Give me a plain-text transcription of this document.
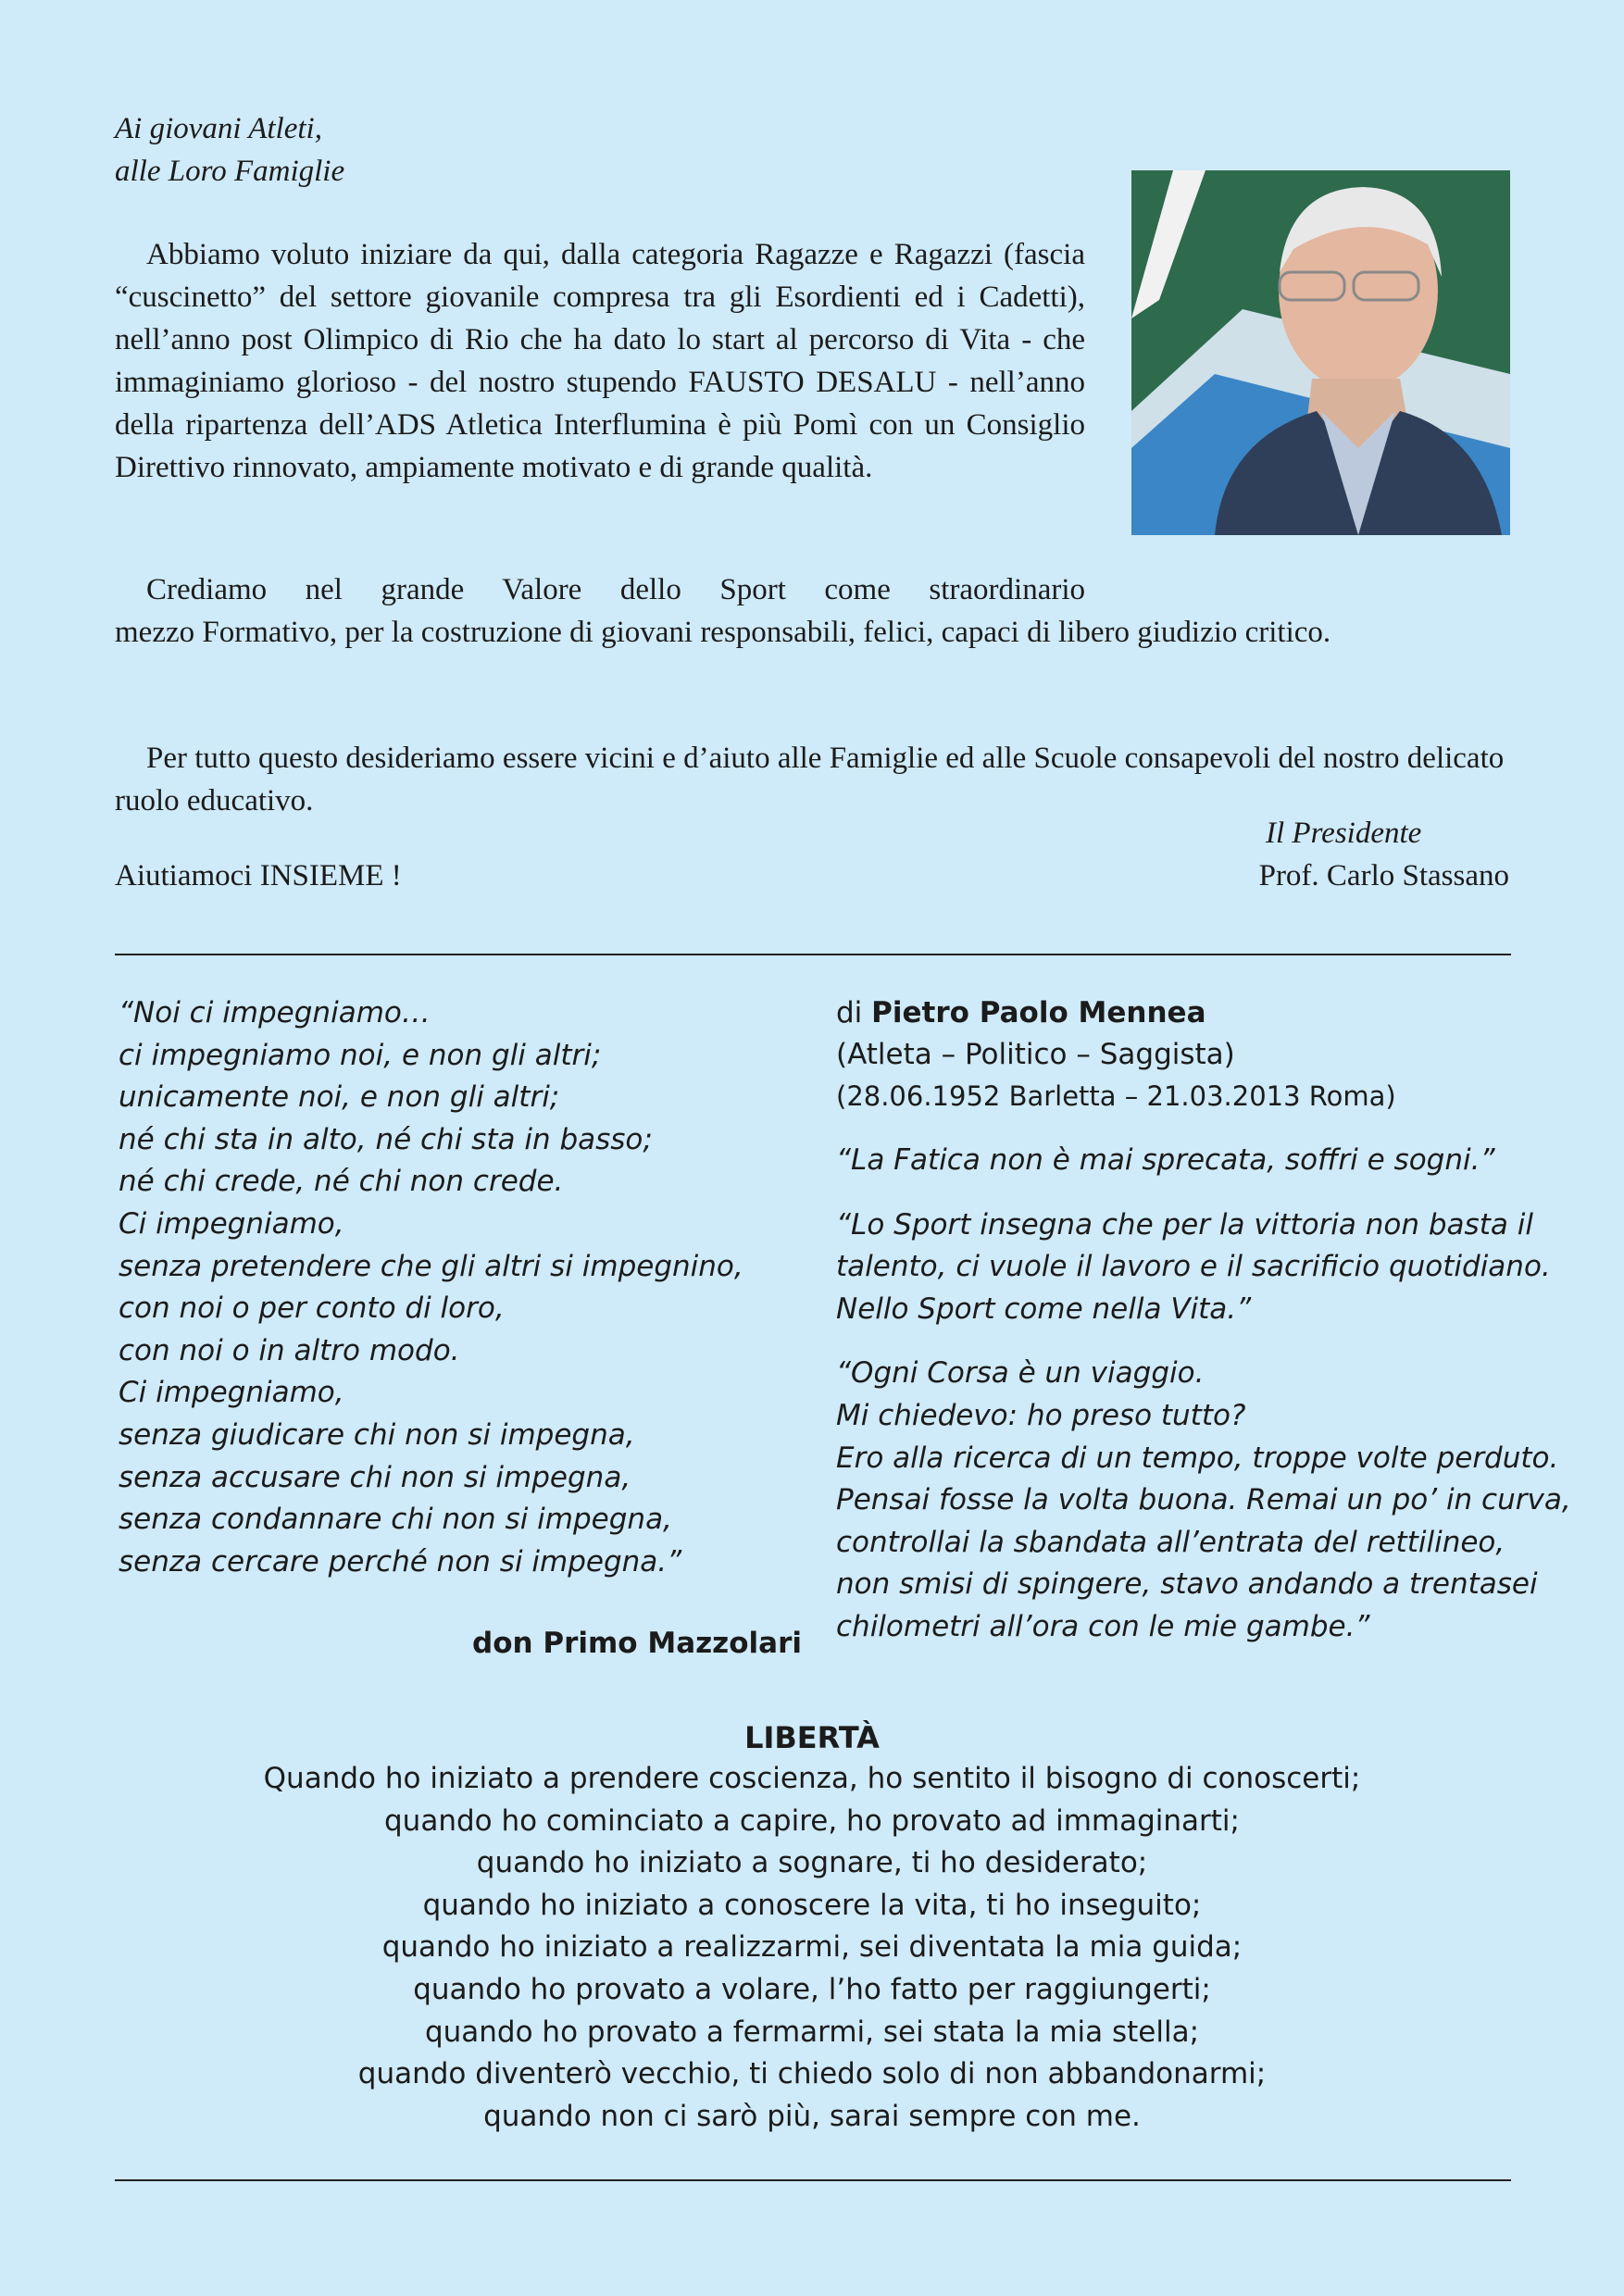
Ai giovani Atleti,
alle Loro Famiglie

Abbiamo voluto iniziare da qui, dalla categoria Ragazze e Ragazzi (fascia “cuscinetto” del settore giovanile compresa tra gli Esordienti ed i Cadetti), nell’anno post Olimpico di Rio che ha dato lo start al percorso di Vita - che immaginiamo glorioso - del nostro stupendo FAUSTO DESALU - nell’anno della ripartenza dell’ADS Atletica Interflumina è più Pomì con un Consiglio Direttivo rinnovato, ampiamente motivato e di grande qualità.

Crediamo nel grande Valore dello Sport come straordinario
mezzo Formativo, per la costruzione di giovani responsabili, felici, capaci di libero giudizio critico.

Per tutto questo desideriamo essere vicini e d’aiuto alle Famiglie ed alle Scuole consapevoli del nostro delicato ruolo educativo.

Il Presidente
Aiutiamoci INSIEME !	Prof. Carlo Stassano
“Noi ci impegniamo…
ci impegniamo noi, e non gli altri;
unicamente noi, e non gli altri;
né chi sta in alto, né chi sta in basso;
né chi crede, né chi non crede.
Ci impegniamo,
senza pretendere che gli altri si impegnino,
con noi o per conto di loro,
con noi o in altro modo.
Ci impegniamo,
senza giudicare chi non si impegna,
senza accusare chi non si impegna,
senza condannare chi non si impegna,
senza cercare perché non si impegna.”
don Primo Mazzolari
di Pietro Paolo Mennea
(Atleta – Politico – Saggista)
(28.06.1952 Barletta – 21.03.2013 Roma)
“La Fatica non è mai sprecata, soffri e sogni.”
“Lo Sport insegna che per la vittoria non basta il
talento, ci vuole il lavoro e il sacrificio quotidiano.
Nello Sport come nella Vita.”
“Ogni Corsa è un viaggio.
Mi chiedevo: ho preso tutto?
Ero alla ricerca di un tempo, troppe volte perduto.
Pensai fosse la volta buona. Remai un po’ in curva,
controllai la sbandata all’entrata del rettilineo,
non smisi di spingere, stavo andando a trentasei
chilometri all’ora con le mie gambe.”
LIBERTÀ
Quando ho iniziato a prendere coscienza, ho sentito il bisogno di conoscerti;
quando ho cominciato a capire, ho provato ad immaginarti;
quando ho iniziato a sognare, ti ho desiderato;
quando ho iniziato a conoscere la vita, ti ho inseguito;
quando ho iniziato a realizzarmi, sei diventata la mia guida;
quando ho provato a volare, l’ho fatto per raggiungerti;
quando ho provato a fermarmi, sei stata la mia stella;
quando diventerò vecchio, ti chiedo solo di non abbandonarmi;
quando non ci sarò più, sarai sempre con me.
